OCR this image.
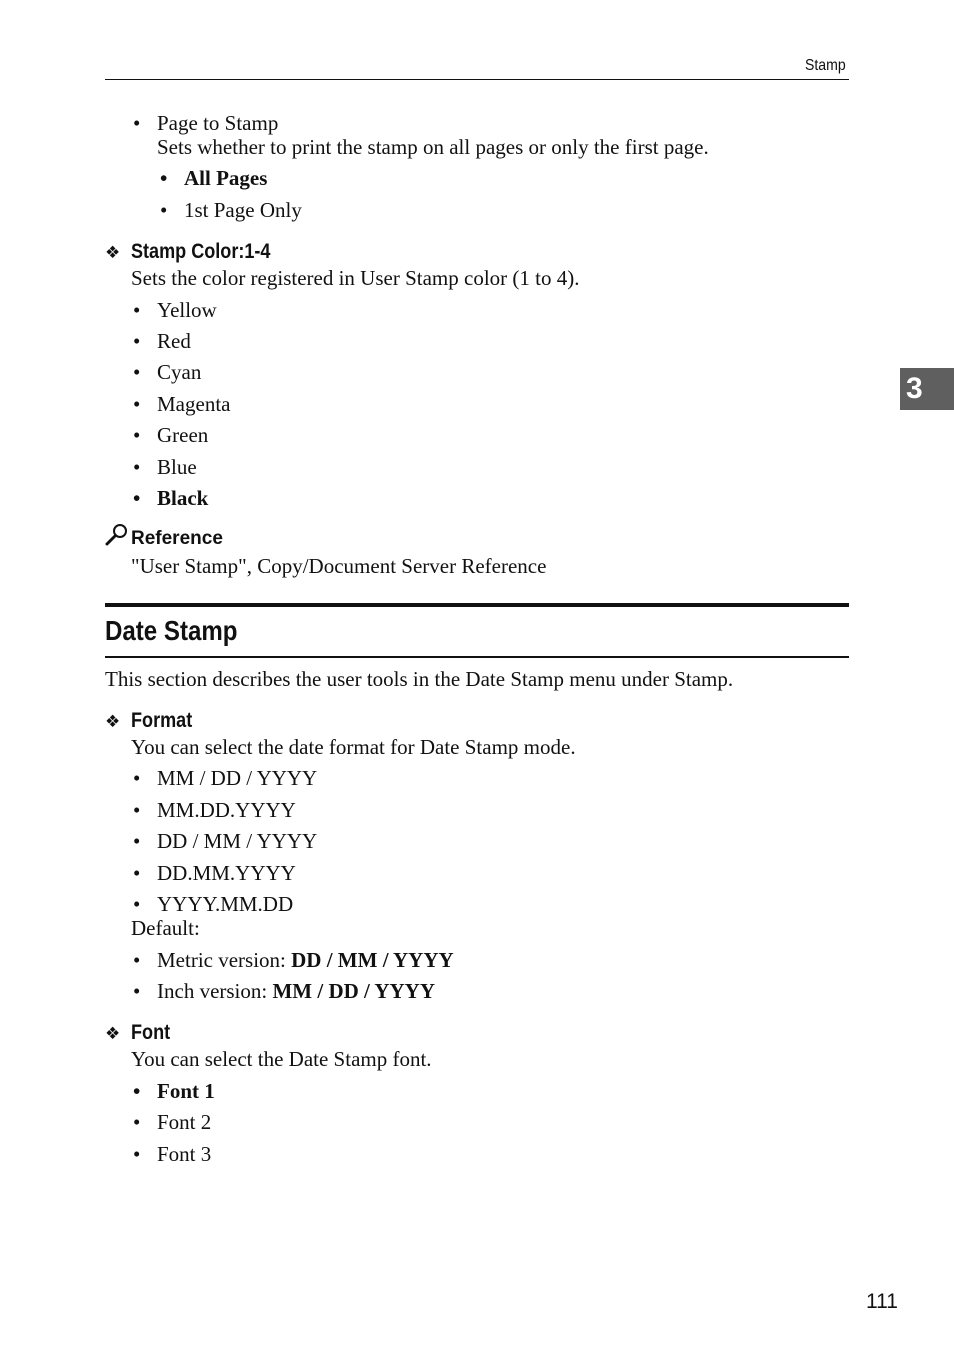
Stamp
3
• Page to Stamp
Sets whether to print the stamp on all pages or only the first page.
• All Pages
• 1st Page Only
❖ Stamp Color:1-4
Sets the color registered in User Stamp color (1 to 4).
• Yellow
• Red
• Cyan
• Magenta
• Green
• Blue
• Black
Reference
"User Stamp", Copy/Document Server Reference
Date Stamp
This section describes the user tools in the Date Stamp menu under Stamp.
❖ Format
You can select the date format for Date Stamp mode.
• MM / DD / YYYY
• MM.DD.YYYY
• DD / MM / YYYY
• DD.MM.YYYY
• YYYY.MM.DD
Default:
• Metric version: DD / MM / YYYY
• Inch version: MM / DD / YYYY
❖ Font
You can select the Date Stamp font.
• Font 1
• Font 2
• Font 3
111
